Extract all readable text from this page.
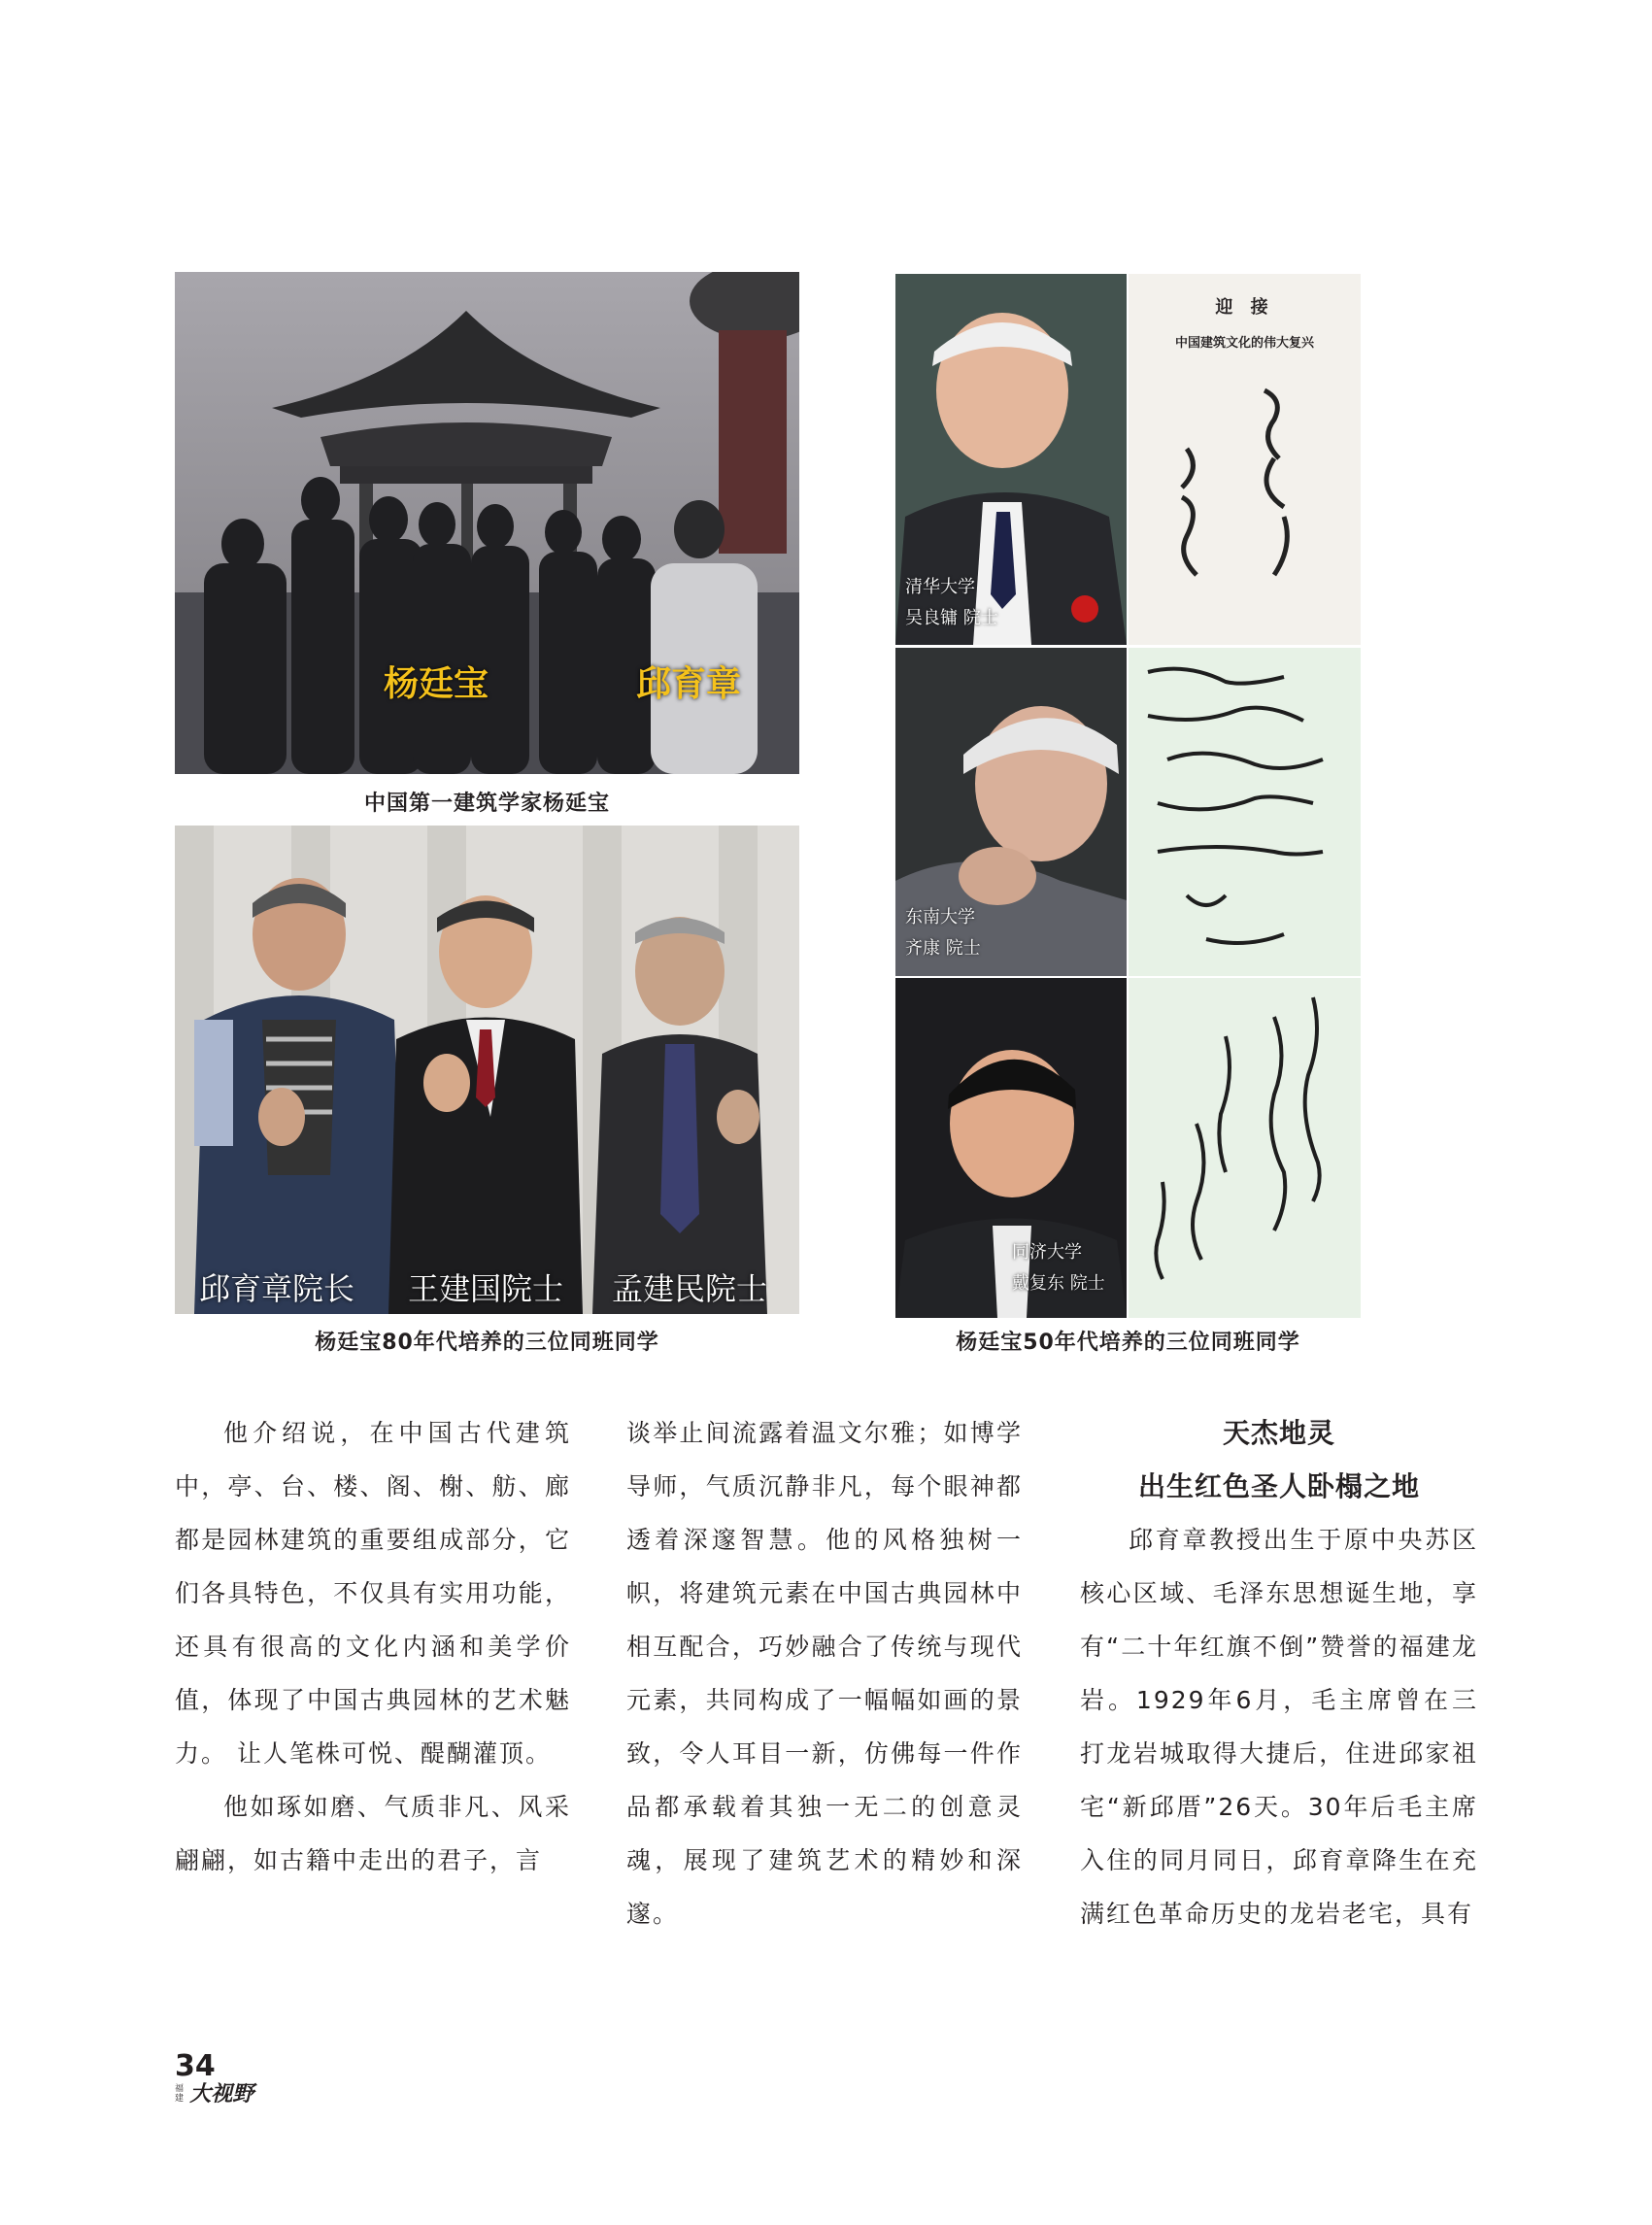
杨廷宝	邱育章
中国第一建筑学家杨延宝
邱育章院长 王建国院士 孟建民院士
杨廷宝80年代培养的三位同班同学
清华大学
吴良镛 院士
迎 接
中国建筑文化的伟大复兴
东南大学
齐康 院士
同济大学
戴复东 院士
杨廷宝50年代培养的三位同班同学

他介绍说，在中国古代建筑中，亭、台、楼、阁、榭、舫、廊都是园林建筑的重要组成部分，它们各具特色，不仅具有实用功能，还具有很高的文化内涵和美学价值，体现了中国古典园林的艺术魅力。 让人笔株可悦、醍醐灌顶。

他如琢如磨、气质非凡、风采翩翩，如古籍中走出的君子，言

谈举止间流露着温文尔雅；如博学导师，气质沉静非凡，每个眼神都透着深邃智慧。他的风格独树一帜，将建筑元素在中国古典园林中相互配合，巧妙融合了传统与现代元素，共同构成了一幅幅如画的景致，令人耳目一新，仿佛每一件作品都承载着其独一无二的创意灵魂，展现了建筑艺术的精妙和深邃。

天杰地灵

出生红色圣人卧榻之地

邱育章教授出生于原中央苏区核心区域、毛泽东思想诞生地，享有“二十年红旗不倒”赞誉的福建龙岩。1929年6月，毛主席曾在三打龙岩城取得大捷后，住进邱家祖宅“新邱厝”26天。30年后毛主席入住的同月同日，邱育章降生在充满红色革命历史的龙岩老宅，具有

34
福建 大视野
